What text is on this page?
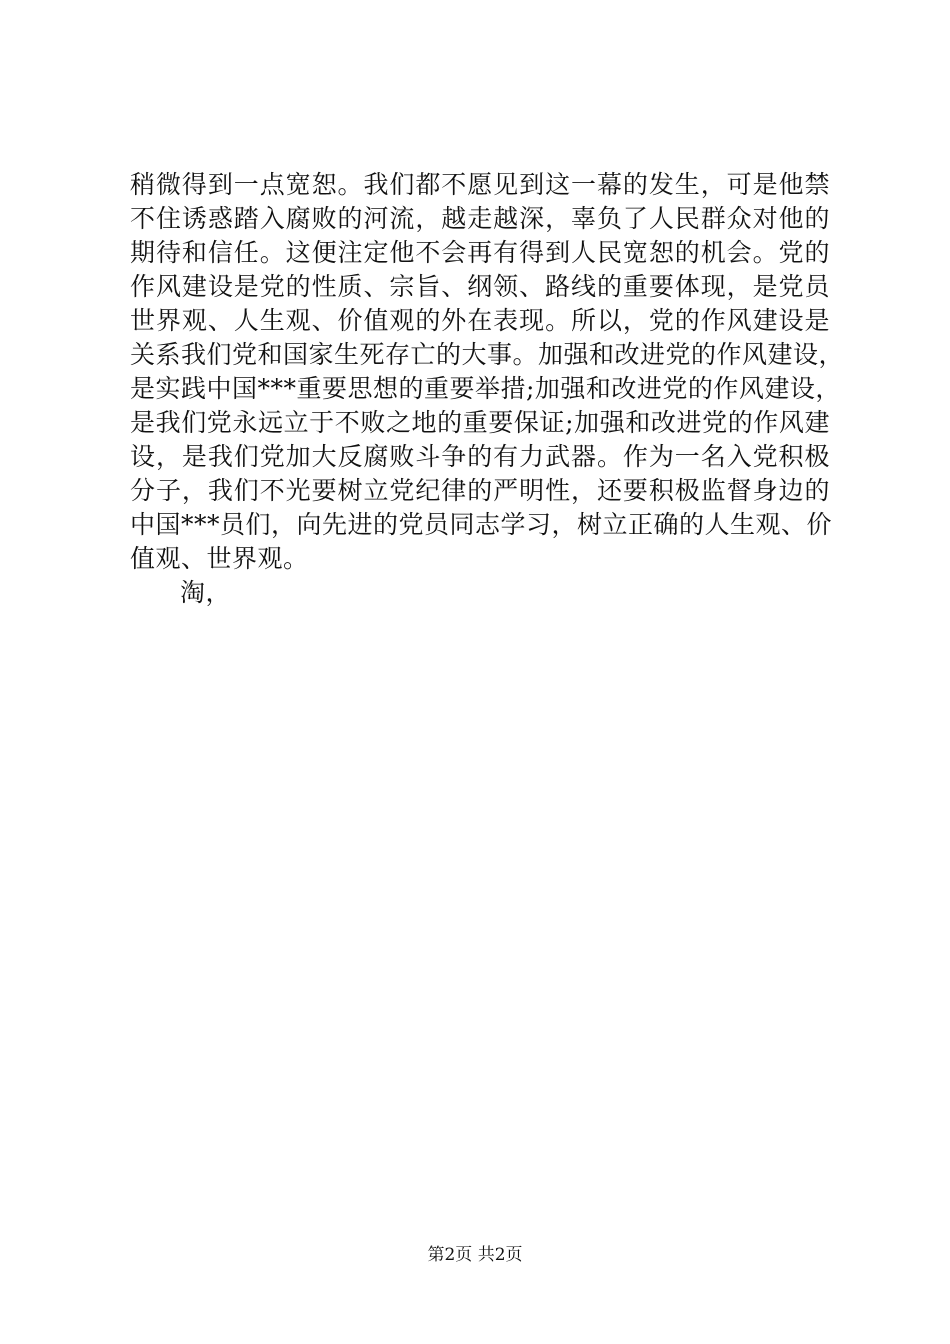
稍微得到一点宽恕。我们都不愿见到这一幕的发生，可是他禁
不住诱惑踏入腐败的河流，越走越深，辜负了人民群众对他的
期待和信任。这便注定他不会再有得到人民宽恕的机会。党的
作风建设是党的性质、宗旨、纲领、路线的重要体现，是党员
世界观、人生观、价值观的外在表现。所以，党的作风建设是
关系我们党和国家生死存亡的大事。加强和改进党的作风建设，
是实践中国***重要思想的重要举措;加强和改进党的作风建设，
是我们党永远立于不败之地的重要保证;加强和改进党的作风建
设，是我们党加大反腐败斗争的有力武器。作为一名入党积极
分子，我们不光要树立党纪律的严明性，还要积极监督身边的
中国***员们，向先进的党员同志学习，树立正确的人生观、价
值观、世界观。
淘，
第2页 共2页
